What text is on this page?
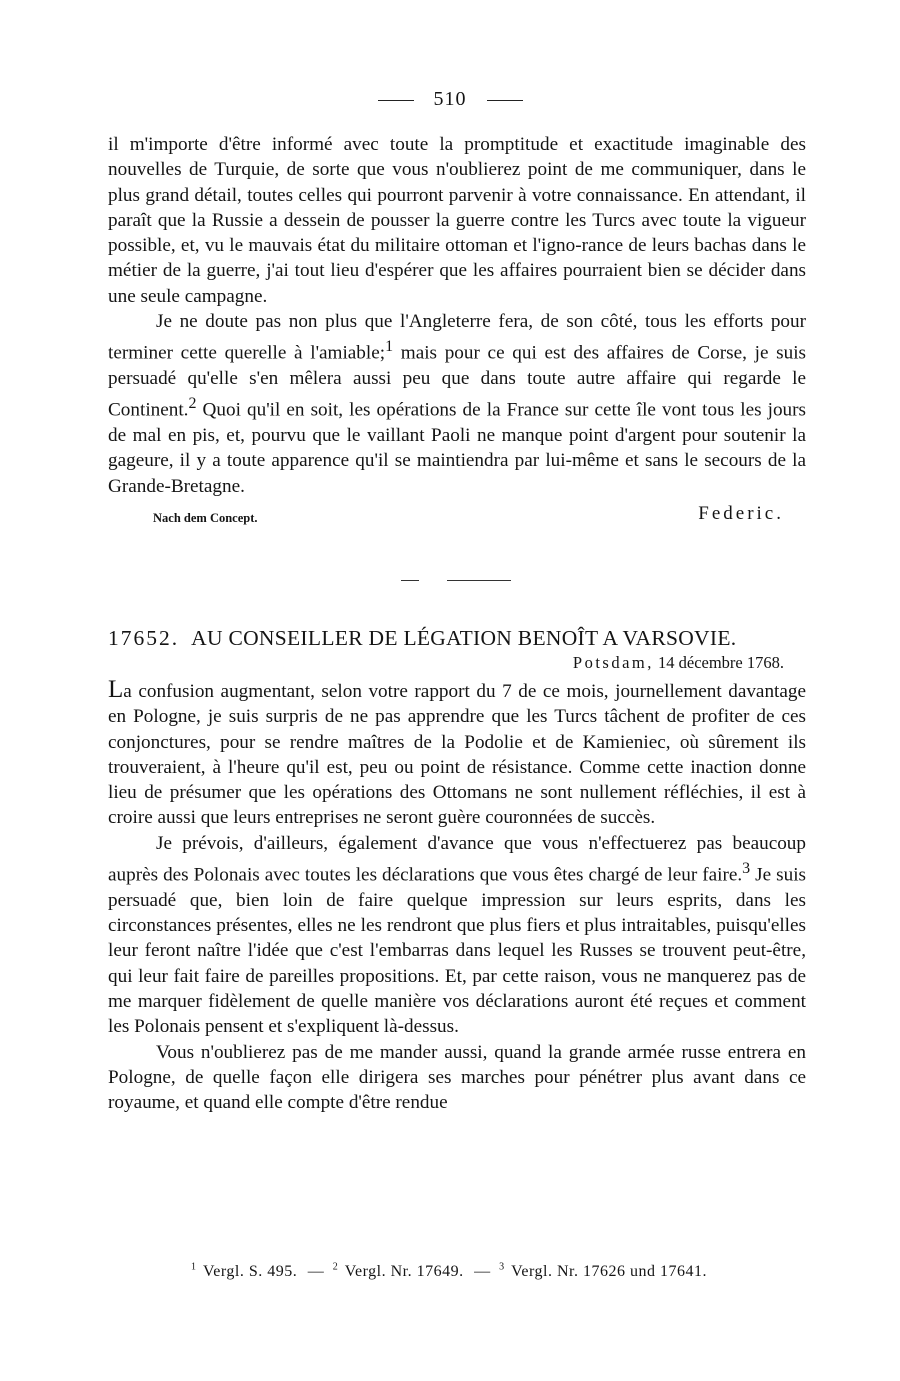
510

il m'importe d'être informé avec toute la promptitude et exactitude imaginable des nouvelles de Turquie, de sorte que vous n'oublierez point de me communiquer, dans le plus grand détail, toutes celles qui pourront parvenir à votre connaissance. En attendant, il paraît que la Russie a dessein de pousser la guerre contre les Turcs avec toute la vigueur possible, et, vu le mauvais état du militaire ottoman et l'igno-rance de leurs bachas dans le métier de la guerre, j'ai tout lieu d'espérer que les affaires pourraient bien se décider dans une seule campagne.

Je ne doute pas non plus que l'Angleterre fera, de son côté, tous les efforts pour terminer cette querelle à l'amiable;$^1$ mais pour ce qui est des affaires de Corse, je suis persuadé qu'elle s'en mêlera aussi peu que dans toute autre affaire qui regarde le Continent.$^2$ Quoi qu'il en soit, les opérations de la France sur cette île vont tous les jours de mal en pis, et, pourvu que le vaillant Paoli ne manque point d'argent pour soutenir la gageure, il y a toute apparence qu'il se maintiendra par lui-même et sans le secours de la Grande-Bretagne.

Nach dem Concept.	Federic.

17652. AU CONSEILLER DE LÉGATION BENOÎT A VARSOVIE.

Potsdam, 14 décembre 1768.

La confusion augmentant, selon votre rapport du 7 de ce mois, journellement davantage en Pologne, je suis surpris de ne pas apprendre que les Turcs tâchent de profiter de ces conjonctures, pour se rendre maîtres de la Podolie et de Kamieniec, où sûrement ils trouveraient, à l'heure qu'il est, peu ou point de résistance. Comme cette inaction donne lieu de présumer que les opérations des Ottomans ne sont nullement réfléchies, il est à croire aussi que leurs entreprises ne seront guère couronnées de succès.

Je prévois, d'ailleurs, également d'avance que vous n'effectuerez pas beaucoup auprès des Polonais avec toutes les déclarations que vous êtes chargé de leur faire.$^3$ Je suis persuadé que, bien loin de faire quelque impression sur leurs esprits, dans les circonstances présentes, elles ne les rendront que plus fiers et plus intraitables, puisqu'elles leur feront naître l'idée que c'est l'embarras dans lequel les Russes se trouvent peut-être, qui leur fait faire de pareilles propositions. Et, par cette raison, vous ne manquerez pas de me marquer fidèlement de quelle manière vos déclarations auront été reçues et comment les Polonais pensent et s'expliquent là-dessus.

Vous n'oublierez pas de me mander aussi, quand la grande armée russe entrera en Pologne, de quelle façon elle dirigera ses marches pour pénétrer plus avant dans ce royaume, et quand elle compte d'être rendue

$^1$ Vergl. S. 495. — $^2$ Vergl. Nr. 17649. — $^3$ Vergl. Nr. 17626 und 17641.
